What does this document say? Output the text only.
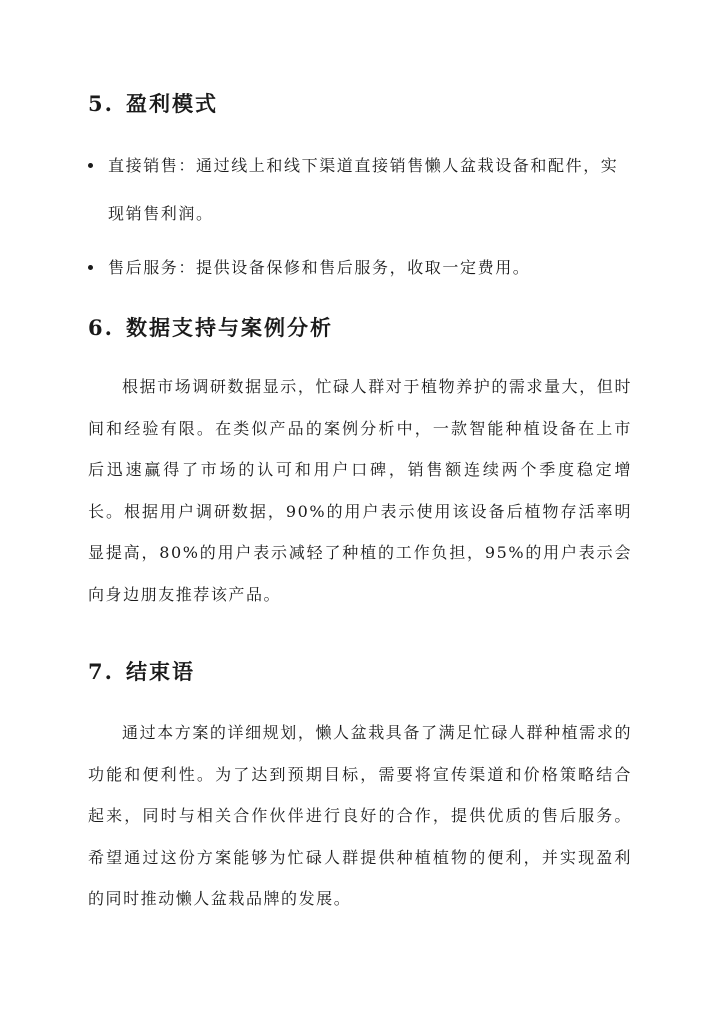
5. 盈利模式
直接销售：通过线上和线下渠道直接销售懒人盆栽设备和配件，实现销售利润。
售后服务：提供设备保修和售后服务，收取一定费用。
6. 数据支持与案例分析

根据市场调研数据显示，忙碌人群对于植物养护的需求量大，但时间和经验有限。在类似产品的案例分析中，一款智能种植设备在上市后迅速赢得了市场的认可和用户口碑，销售额连续两个季度稳定增长。根据用户调研数据，90%的用户表示使用该设备后植物存活率明显提高，80%的用户表示减轻了种植的工作负担，95%的用户表示会向身边朋友推荐该产品。

7. 结束语

通过本方案的详细规划，懒人盆栽具备了满足忙碌人群种植需求的功能和便利性。为了达到预期目标，需要将宣传渠道和价格策略结合起来，同时与相关合作伙伴进行良好的合作，提供优质的售后服务。希望通过这份方案能够为忙碌人群提供种植植物的便利，并实现盈利的同时推动懒人盆栽品牌的发展。
